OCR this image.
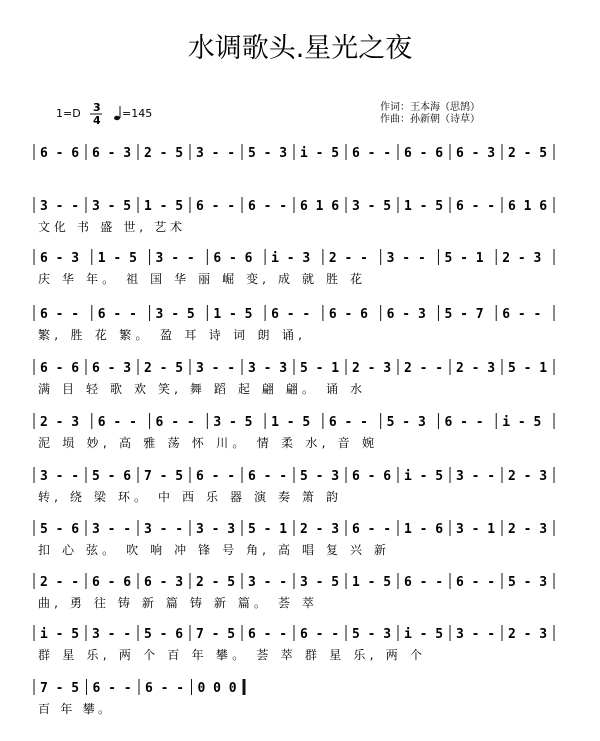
水调歌头.星光之夜
1=D 3
4
=145	作词：王本海（思鹄）
作曲：孙新朝（诗草）
6 - 6 6 - 3 2 - 5 3 - - 5 - 3 i - 5 6 - - 6 - 6 6 - 3 2 - 5
3 - - 3 - 5 1 - 5 6 - - 6 - - 6 1 6 3 - 5 1 - 5 6 - - 6 1 6
文化 书 盛 世, 艺术
6 - 3 1 - 5 3 - - 6 - 6 i - 3 2 - - 3 - - 5 - 1 2 - 3
庆 华 年。 祖 国 华 丽 崛 变, 成 就 胜 花
6 - - 6 - - 3 - 5 1 - 5 6 - - 6 - 6 6 - 3 5 - 7 6 - -
繁, 胜 花 繁。 盈 耳 诗 词 朗 诵,
6 - 6 6 - 3 2 - 5 3 - - 3 - 3 5 - 1 2 - 3 2 - - 2 - 3 5 - 1
满 目 轻 歌 欢 笑, 舞 蹈 起 翩 翩。 诵 水
2 - 3 6 - - 6 - - 3 - 5 1 - 5 6 - - 5 - 3 6 - - i - 5
泥 埙 妙, 高 雅 荡 怀 川。 情 柔 水, 音 婉
3 - - 5 - 6 7 - 5 6 - - 6 - - 5 - 3 6 - 6 i - 5 3 - - 2 - 3
转, 绕 梁 环。 中 西 乐 器 演 奏 箫 韵
5 - 6 3 - - 3 - - 3 - 3 5 - 1 2 - 3 6 - - 1 - 6 3 - 1 2 - 3
扣 心 弦。 吹 响 冲 锋 号 角, 高 唱 复 兴 新
2 - - 6 - 6 6 - 3 2 - 5 3 - - 3 - 5 1 - 5 6 - - 6 - - 5 - 3
曲, 勇 往 铸 新 篇 铸 新 篇。 荟 萃
i - 5 3 - - 5 - 6 7 - 5 6 - - 6 - - 5 - 3 i - 5 3 - - 2 - 3
群 星 乐, 两 个 百 年 攀。 荟 萃 群 星 乐, 两 个
7 - 5 6 - - 6 - - 0 0 0
百 年 攀。
